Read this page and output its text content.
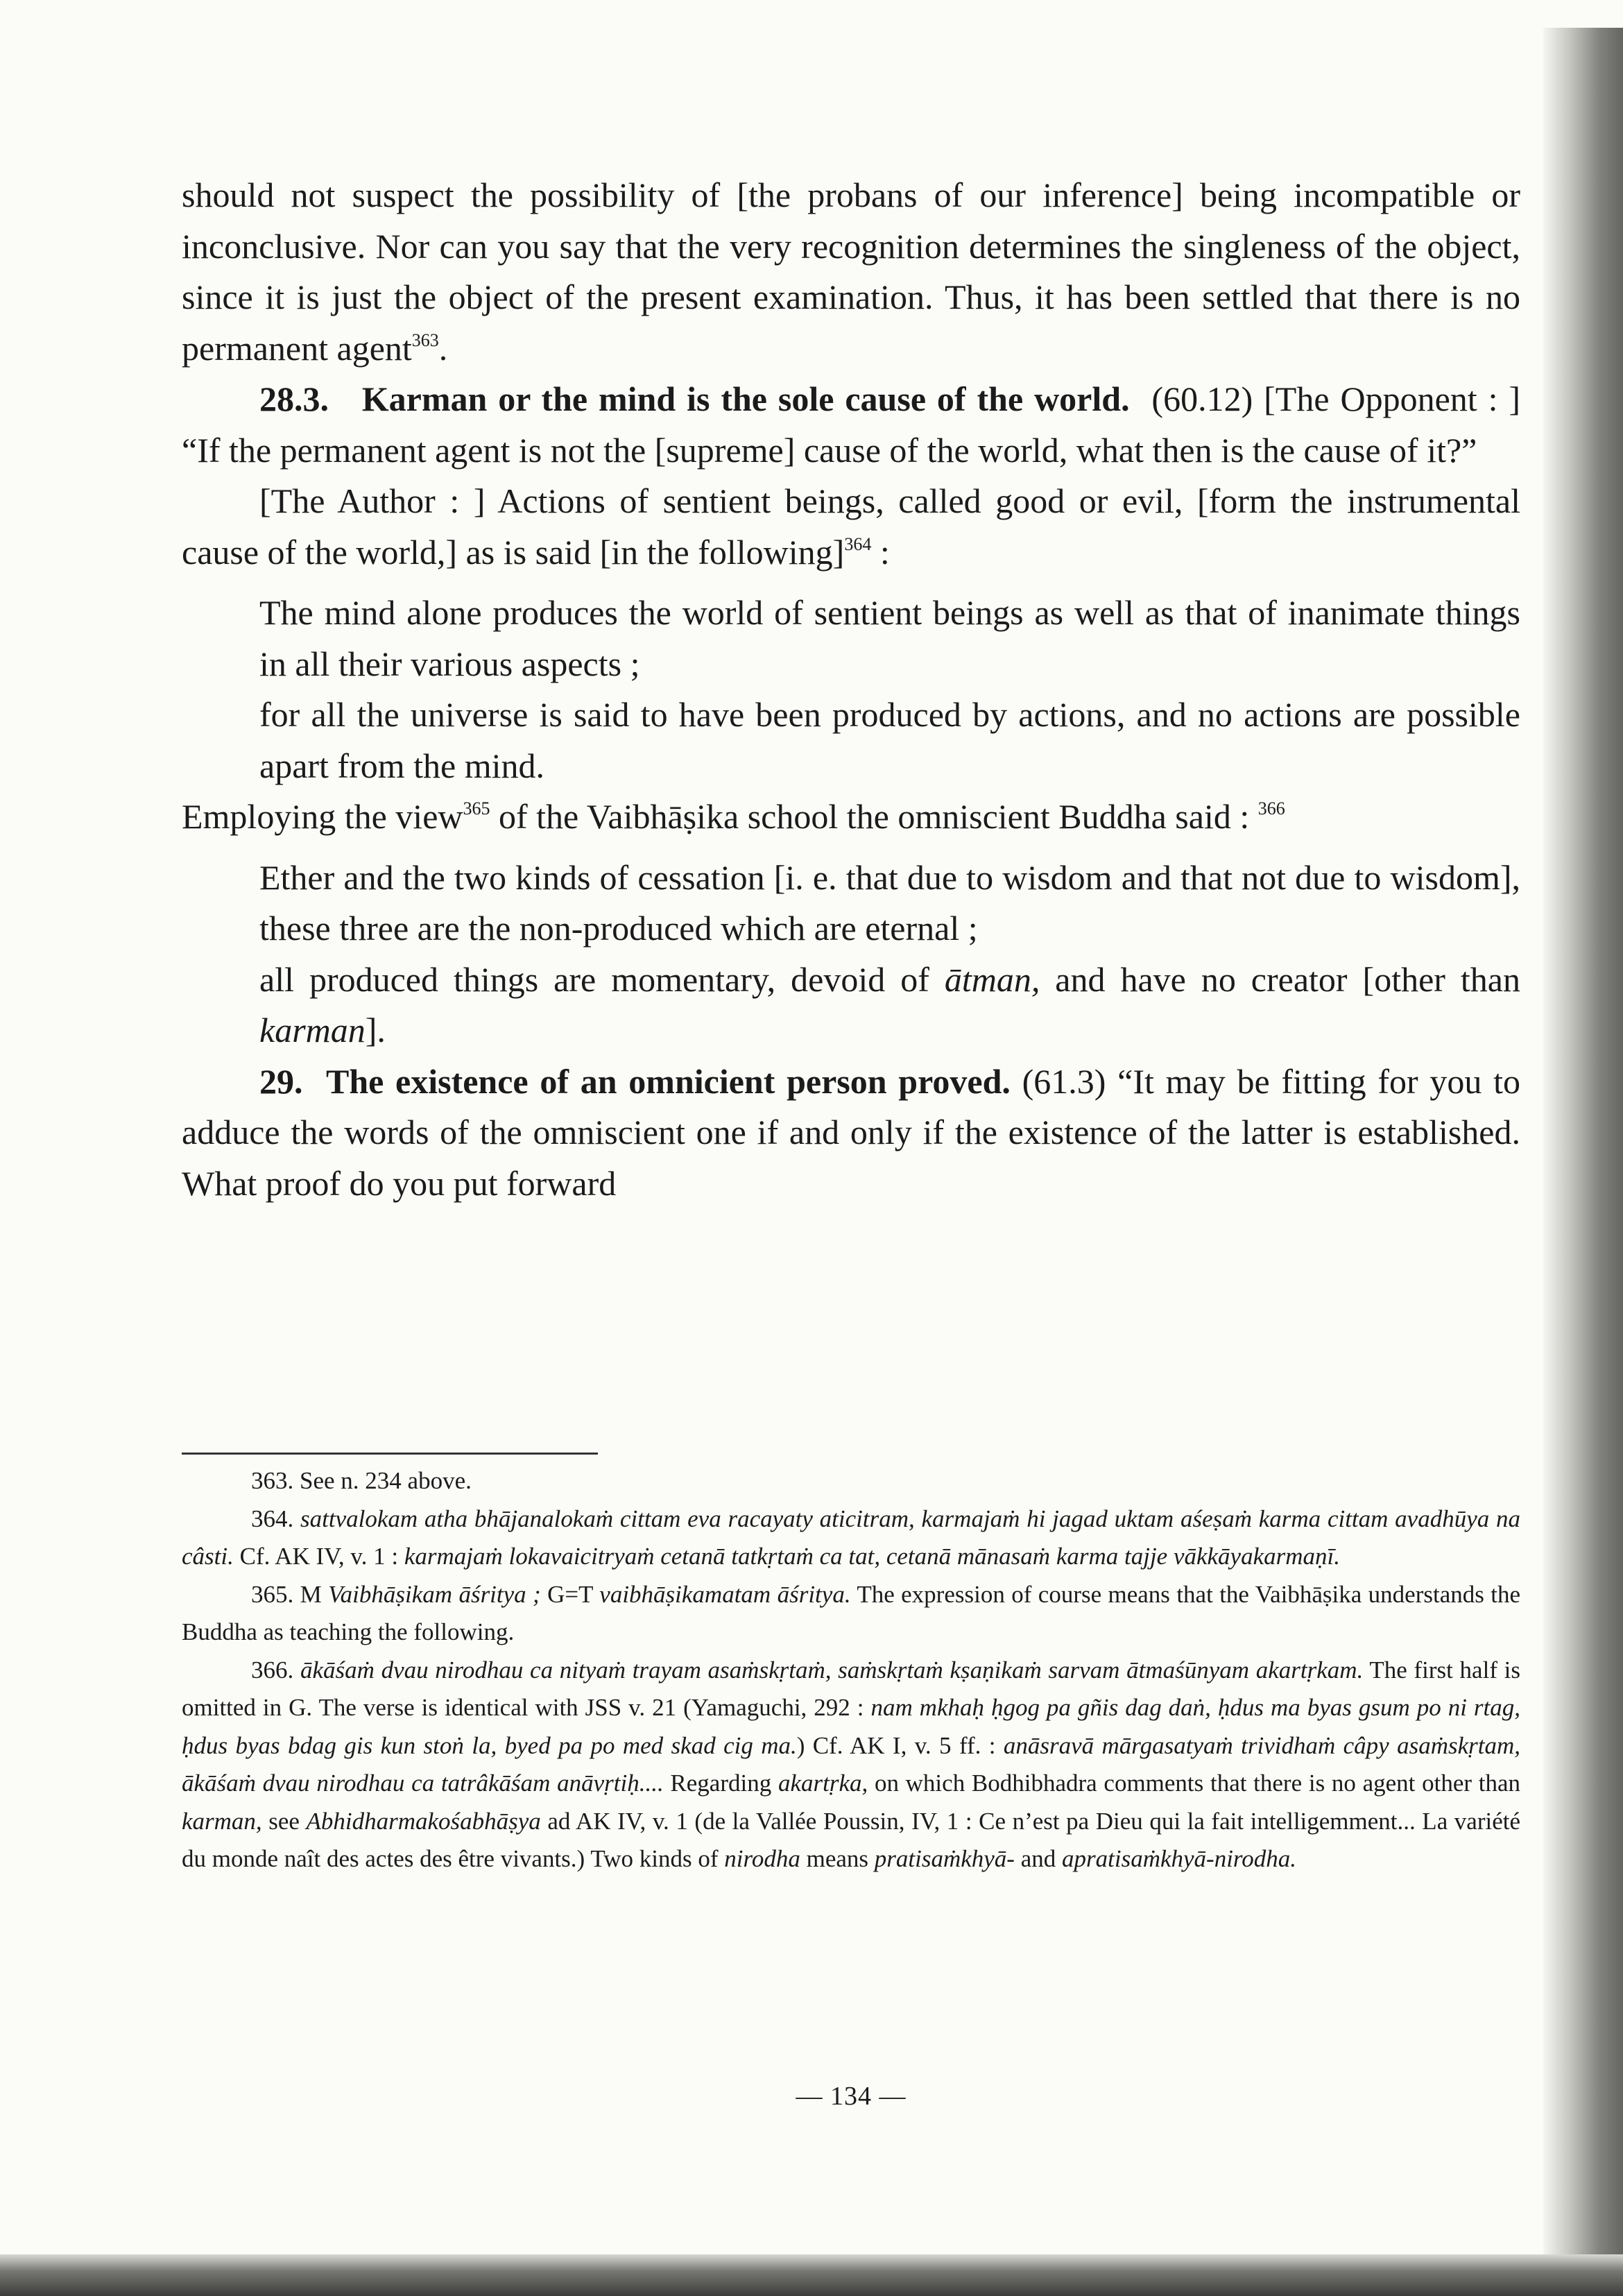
should not suspect the possibility of [the probans of our inference] being incompatible or inconclusive. Nor can you say that the very recognition determines the singleness of the object, since it is just the object of the present examination. Thus, it has been settled that there is no permanent agent$^{363}$.

28.3. Karman or the mind is the sole cause of the world. (60.12) [The Opponent : ] “If the permanent agent is not the [supreme] cause of the world, what then is the cause of it?”

[The Author : ] Actions of sentient beings, called good or evil, [form the instrumental cause of the world,] as is said [in the following]$^{364}$ :

The mind alone produces the world of sentient beings as well as that of inanimate things in all their various aspects ;

for all the universe is said to have been produced by actions, and no actions are possible apart from the mind.

Employing the view$^{365}$ of the Vaibhāṣika school the omniscient Buddha said : $^{366}$

Ether and the two kinds of cessation [i. e. that due to wisdom and that not due to wisdom], these three are the non-produced which are eternal ;

all produced things are momentary, devoid of ātman, and have no creator [other than karman].

29. The existence of an omnicient person proved. (61.3) “It may be fitting for you to adduce the words of the omniscient one if and only if the existence of the latter is established. What proof do you put forward

363. See n. 234 above.

364. sattvalokam atha bhājanalokaṁ cittam eva racayaty aticitram, karmajaṁ hi jagad uktam aśeṣaṁ karma cittam avadhūya na câsti. Cf. AK IV, v. 1 : karmajaṁ lokavaicitryaṁ cetanā tatkṛtaṁ ca tat, cetanā mānasaṁ karma tajje vākkāyakarmaṇī.

365. M Vaibhāṣikam āśritya ; G=T vaibhāṣikamatam āśritya. The expression of course means that the Vaibhāṣika understands the Buddha as teaching the following.

366. ākāśaṁ dvau nirodhau ca nityaṁ trayam asaṁskṛtaṁ, saṁskṛtaṁ kṣaṇikaṁ sarvam ātmaśūnyam akartṛkam. The first half is omitted in G. The verse is identical with JSS v. 21 (Yamaguchi, 292 : nam mkhaḥ ḥgog pa gñis dag daṅ, ḥdus ma byas gsum po ni rtag, ḥdus byas bdag gis kun stoṅ la, byed pa po med skad cig ma.) Cf. AK I, v. 5 ff. : anāsravā mārgasatyaṁ trividhaṁ câpy asaṁskṛtam, ākāśaṁ dvau nirodhau ca tatrâkāśam anāvṛtiḥ.... Regarding akartṛka, on which Bodhibhadra comments that there is no agent other than karman, see Abhidharmakośabhāṣya ad AK IV, v. 1 (de la Vallée Poussin, IV, 1 : Ce n’est pa Dieu qui la fait intelligemment... La variété du monde naît des actes des être vivants.) Two kinds of nirodha means pratisaṁkhyā- and apratisaṁkhyā-nirodha.

— 134 —
